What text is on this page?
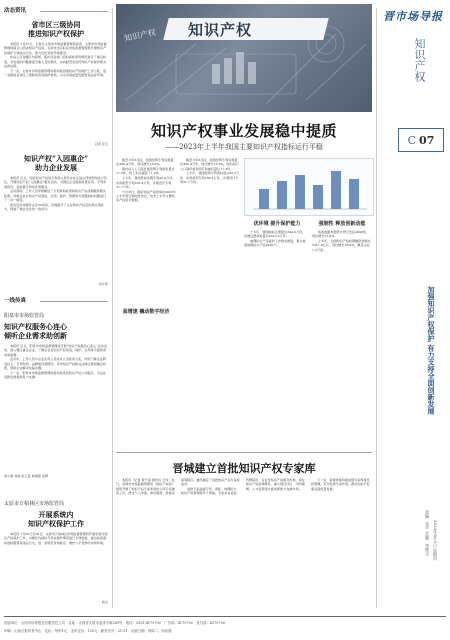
动态资讯
省市区三级协同
推进知识产权保护

本报讯 7月27日，记者从太原市市场监督管理局获悉，太原市市场监督管理局联合山西省知识产权局、太原市杏花岭区市场监督管理局开展知识产权保护专项执法行动，助力优化营商环境建设。

执法人员对辖区内商场、超市及各类门店的商标使用情况进行了重点检查，对发现的问题督促当事人及时整改，并向经营者宣传知识产权保护相关法律法规。

下一步，太原市市场监督管理局将持续加强知识产权保护工作力度，进一步推进省市区三级联动协同保护机制，为全市高质量发展营造良好环境。

记者 张玉
知识产权“入园惠企”
助力企业发展

本报讯 近日，国家知识产权局专利局太原代办处走进山西转型综改示范区，开展知识产权“入园惠企”服务活动，为园区企业提供政策宣讲、专利申请指导、高价值专利培育等服务。

活动现场，工作人员详细解读了专利资助政策和知识产权质押融资相关政策，并就企业在知识产权创造、运用、保护、管理等方面遇到的问题进行了一对一解答。

此次活动共服务企业30余家，有效提升了企业知识产权意识和运用能力，得到了参会企业的一致好评。

冯志军
一线传真
阳泉市市场监管局
知识产权服务心连心
倾听企业需求助创新

本报讯 近日，阳泉市市场监督管理局开展“知识产权服务心连心”走访活动，深入辖区重点企业，了解企业在知识产权创造、保护、运用等方面的需求和困难。

走访中，工作人员与企业负责人及技术人员座谈交流，详细了解企业研发投入、专利布局、品牌建设等情况，宣传知识产权相关法律法规和惠企政策，帮助企业解决实际问题。

下一步，阳泉市市场监督管理局将持续优化知识产权公共服务，为企业创新发展提供有力支撑。

武小康 刘丽 张江波 杨雨婷 张辉
太原市万柏林区市场监管局
开展系统内
知识产权保护工作

本报讯 7月26日至28日，太原市万柏林区市场监督管理局开展系统内知识产权保护工作，对辖区内商标专用权保护情况进行专项检查，重点检查商标侵权假冒等违法行为，进一步规范市场秩序，维护公平竞争的市场环境。

杨文
知识产权
知识产权
知识产权事业发展稳中提质
——2023年上半年我国主要知识产权指标运行平稳

截至今年6月底，我国发明专利有效量达456.4万件，同比增长16.6%。

国内每万人口高价值发明专利拥有量达11.3件，较上年底提高了1.0件。

上半年，我国授权发明专利45.0万件，实用新型专利106.4万件，外观设计专利31.7万件。

7月18日，国家知识产权局举办2023年上半年例行新闻发布会，发布上半年主要知识产权统计数据。

截至今年6月底，我国发明专利有效量达456.4万件，同比增长16.6%，国内每万人口高价值发明专利拥有量达11.3件。

上半年，我国发明专利授权量达45.0万件，实用新型专利106.4万件，外观设计专利31.7万件。

优环境 提升保护能力	强制性 释放创新动能

上半年，我国商标注册量达244.0万件，有效注册商标量达4510.9万件。

地理标志产品保护工作稳步推进，累计批准地理标志产品2495个。

集成电路布图设计登记发证4998件，同比增长31.6%。

上半年，全国知识产权质押融资金额达2511.6亿元，同比增长36.6%，惠及企业1.3万家。

高增速 撬动数字经济
晋城建立首批知识产权专家库

本报讯（记者 贾升甫 通讯员 王伟）近日，晋城市市场监督管理局（知识产权局）组织开展了知识产权专家库首批入库专家遴选工作，经过个人申报、单位推荐、资格审查等程序，最终确定了首批知识产权专家库成员。

首批专家涵盖专利、商标、地理标志、知识产权管理等多个领域，专家来自高校、科研院所、企业及知识产权服务机构，将在知识产权政策研究、重大项目评议、纠纷调解、人才培养等方面发挥智力支撑作用。

下一步，晋城市将持续加强专家库建设和管理，充分发挥专家作用，推动知识产权事业高质量发展。

晋市场导报
知识产权
C 07
加强知识产权保护 有力支持全面创新发展
责编：张平 美编：李德文 2023年8月3日 星期四
出版单位：山西市场导报社有限责任公司　社址：山西省太原市迎泽大街289号　电话：0351-4179700　广告部：4179700　发行部：4179700
印刷：山西日报印务中心　定价：每份1元　全年定价：120元　邮发代号：21-51　出版日期：每周二、四出版
